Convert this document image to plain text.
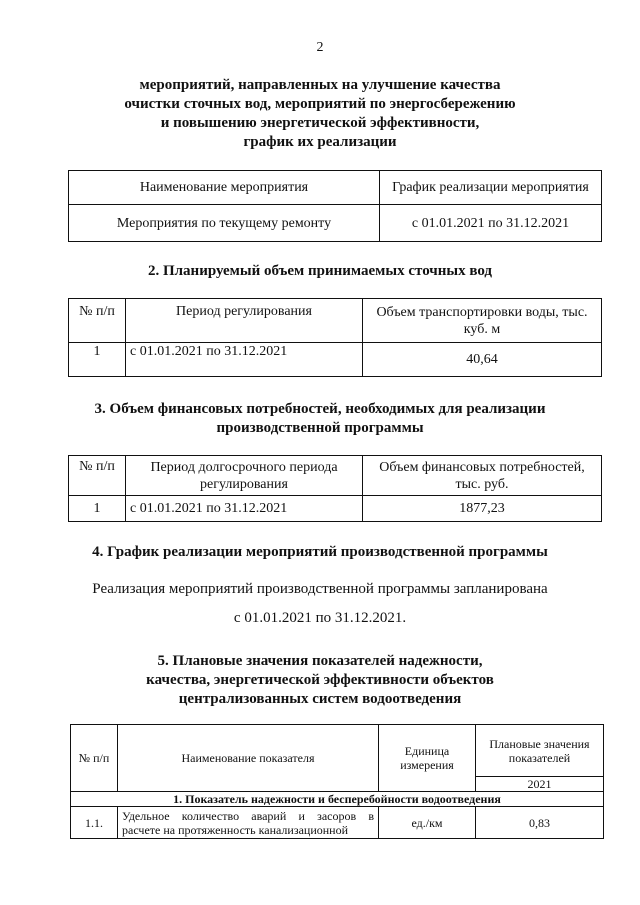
2
мероприятий, направленных на улучшение качества
очистки сточных вод, мероприятий по энергосбережению
и повышению энергетической эффективности,
график их реализации
Наименование мероприятия	График реализации мероприятия
Мероприятия по текущему ремонту	с 01.01.2021 по 31.12.2021
2. Планируемый объем принимаемых сточных вод
№ п/п	Период регулирования	Объем транспортировки воды, тыс. куб. м
1	с 01.01.2021 по 31.12.2021	40,64
3. Объем финансовых потребностей, необходимых для реализации
производственной программы
№ п/п	Период долгосрочного периода регулирования	Объем финансовых потребностей, тыс. руб.
1	с 01.01.2021 по 31.12.2021	1877,23
4. График реализации мероприятий производственной программы
Реализация мероприятий производственной программы запланирована
с 01.01.2021 по 31.12.2021.
5. Плановые значения показателей надежности,
качества, энергетической эффективности объектов
централизованных систем водоотведения
№ п/п	Наименование показателя	Единица измерения	Плановые значения показателей
			2021
1. Показатель надежности и бесперебойности водоотведения			
1.1.	Удельное количество аварий и засоров в
расчете на протяженность канализационной	ед./км	0,83
